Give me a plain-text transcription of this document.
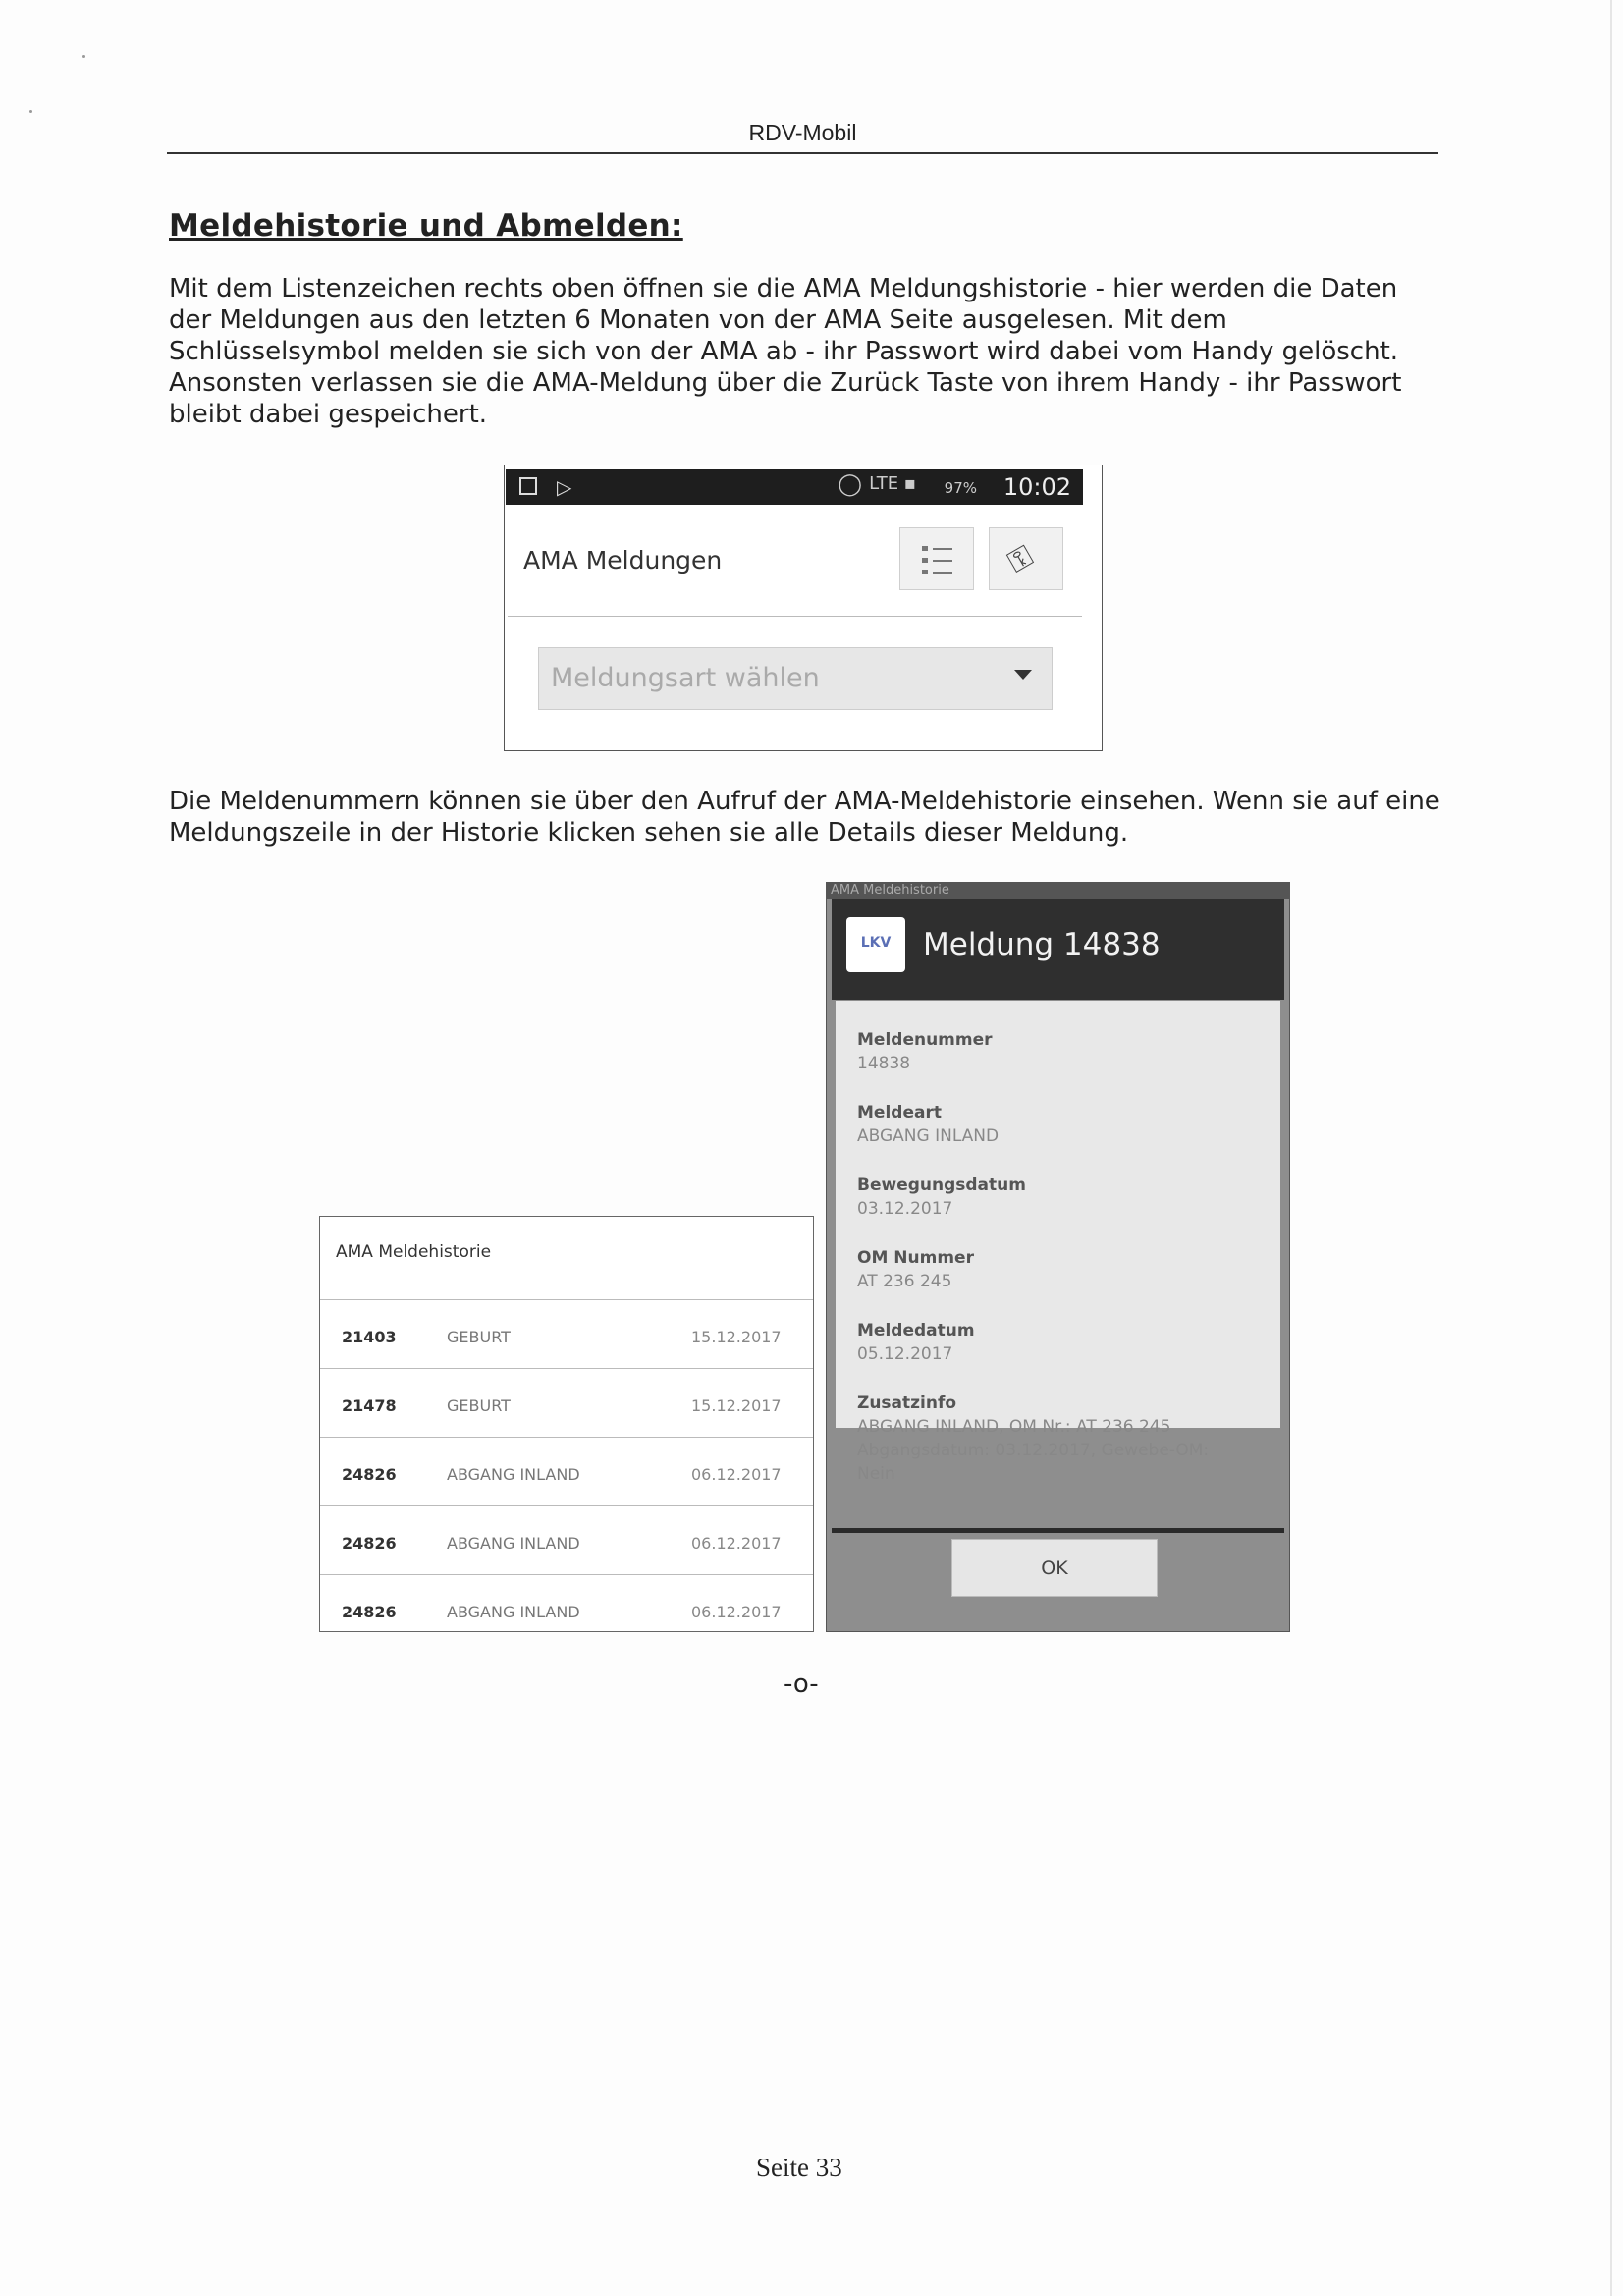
RDV-Mobil
Meldehistorie und Abmelden:
Mit dem Listenzeichen rechts oben öffnen sie die AMA Meldungshistorie - hier werden die Daten der Meldungen aus den letzten 6 Monaten von der AMA Seite ausgelesen. Mit dem Schlüsselsymbol melden sie sich von der AMA ab - ihr Passwort wird dabei vom Handy gelöscht. Ansonsten verlassen sie die AMA-Meldung über die Zurück Taste von ihrem Handy - ihr Passwort bleibt dabei gespeichert.
▷	◯ LTE ▪ 97% 10:02
AMA Meldungen	⚿
Meldungsart wählen
Die Meldenummern können sie über den Aufruf der AMA-Meldehistorie einsehen. Wenn sie auf eine Meldungszeile in der Historie klicken sehen sie alle Details dieser Meldung.
AMA Meldehistorie
21403	GEBURT	15.12.2017
21478	GEBURT	15.12.2017
24826	ABGANG INLAND	06.12.2017
24826	ABGANG INLAND	06.12.2017
24826	ABGANG INLAND	06.12.2017
AMA Meldehistorie
LKV	Meldung 14838
Meldenummer
14838
Meldeart
ABGANG INLAND
Bewegungsdatum
03.12.2017
OM Nummer
AT 236 245
Meldedatum
05.12.2017
Zusatzinfo
ABGANG INLAND, OM Nr.: AT 236 245
Abgangsdatum: 03.12.2017, Gewebe-OM:
Nein
OK
-o-
Seite 33
